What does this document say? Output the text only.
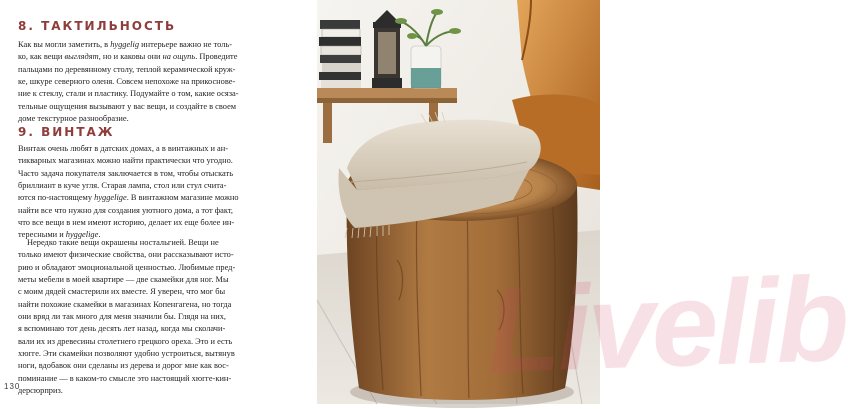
8. ТАКТИЛЬНОСТЬ
Как вы могли заметить, в hyggelig интерьере важно не толь-
ко, как вещи выглядят, но и каковы они на ощупь. Проведите
пальцами по деревянному столу, теплой керамической круж-
ке, шкуре северного оленя. Совсем непохоже на прикоснове-
ние к стеклу, стали и пластику. Подумайте о том, какие осяза-
тельные ощущения вызывают у вас вещи, и создайте в своем
доме текстурное разнообразие.
9. ВИНТАЖ
Винтаж очень любят в датских домах, а в винтажных и ан-
тикварных магазинах можно найти практически что угодно.
Часто задача покупателя заключается в том, чтобы отыскать
бриллиант в куче угля. Старая лампа, стол или стул считa-
ются по-настоящему hyggelige. В винтажном магазине можно
найти все что нужно для создания уютного дома, а тот факт,
что все вещи в нем имеют историю, делает их еще более ин-
тересными и hyggelige.
Нередко такие вещи окрашены ностальгией. Вещи не
только имеют физические свойства, они рассказывают исто-
рию и обладают эмоциональной ценностью. Любимые пред-
меты мебели в моей квартире — две скамейки для ног. Мы
с моим дядей смастерили их вместе. Я уверен, что мог бы
найти похожие скамейки в магазинах Копенгагена, но тогда
они вряд ли так много для меня значили бы. Глядя на них,
я вспоминаю тот день десять лет назад, когда мы сколачи-
вали их из древесины столетнего грецкого ореха. Это и есть
хюгге. Эти скамейки позволяют удобно устроиться, вытянув
ноги, вдобавок они сделаны из дерева и дорог мне как вос-
поминание — в каком-то смысле это настоящий хюгге-кин-
дерсюрприз.
130	Livelib
